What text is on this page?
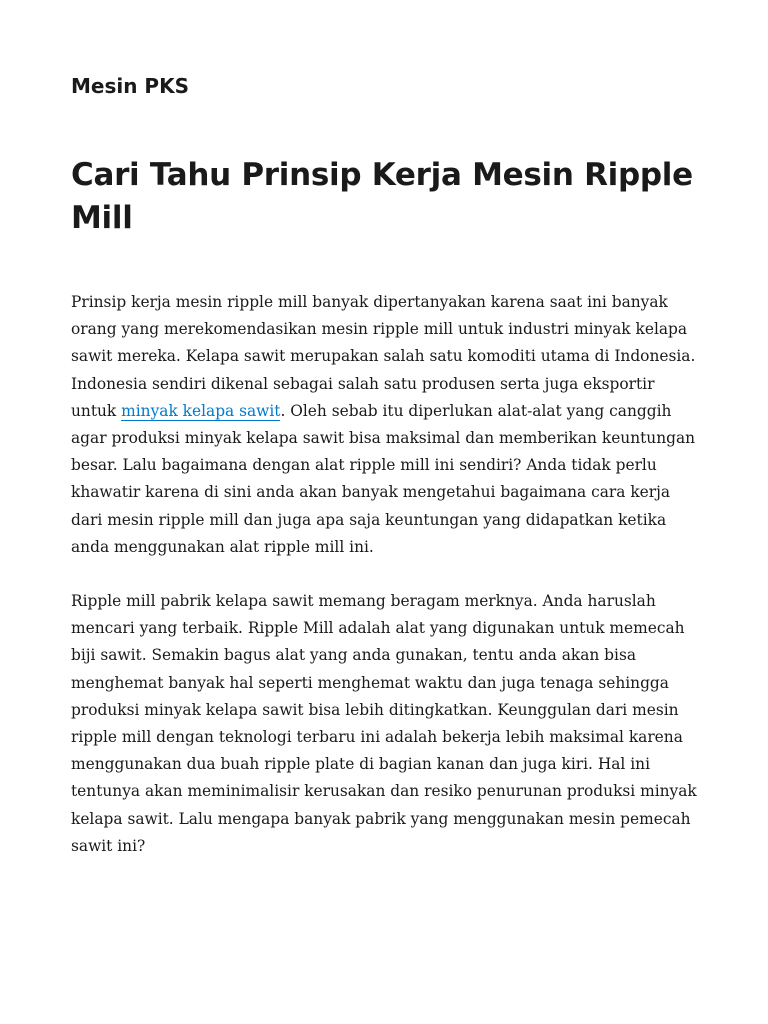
Mesin PKS
Cari Tahu Prinsip Kerja Mesin Ripple Mill

Prinsip kerja mesin ripple mill banyak dipertanyakan karena saat ini banyak orang yang merekomendasikan mesin ripple mill untuk industri minyak kelapa sawit mereka. Kelapa sawit merupakan salah satu komoditi utama di Indonesia. Indonesia sendiri dikenal sebagai salah satu produsen serta juga eksportir untuk minyak kelapa sawit. Oleh sebab itu diperlukan alat-alat yang canggih agar produksi minyak kelapa sawit bisa maksimal dan memberikan keuntungan besar. Lalu bagaimana dengan alat ripple mill ini sendiri? Anda tidak perlu khawatir karena di sini anda akan banyak mengetahui bagaimana cara kerja dari mesin ripple mill dan juga apa saja keuntungan yang didapatkan ketika anda menggunakan alat ripple mill ini.

Ripple mill pabrik kelapa sawit memang beragam merknya. Anda haruslah mencari yang terbaik. Ripple Mill adalah alat yang digunakan untuk memecah biji sawit. Semakin bagus alat yang anda gunakan, tentu anda akan bisa menghemat banyak hal seperti menghemat waktu dan juga tenaga sehingga produksi minyak kelapa sawit bisa lebih ditingkatkan. Keunggulan dari mesin ripple mill dengan teknologi terbaru ini adalah bekerja lebih maksimal karena menggunakan dua buah ripple plate di bagian kanan dan juga kiri. Hal ini tentunya akan meminimalisir kerusakan dan resiko penurunan produksi minyak kelapa sawit. Lalu mengapa banyak pabrik yang menggunakan mesin pemecah sawit ini?
